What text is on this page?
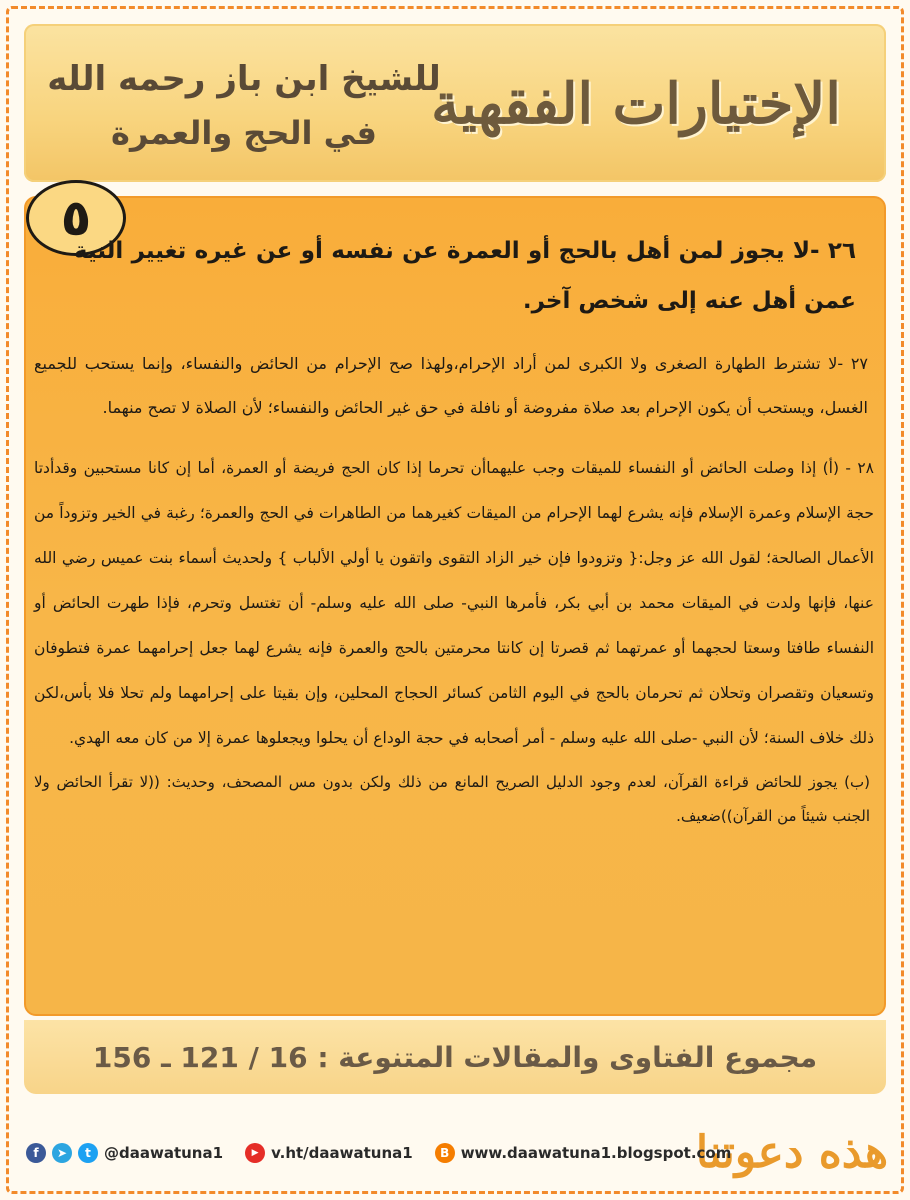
للشيخ ابن باز رحمه الله
في الحج والعمرة الإختيارات الفقهية
٥

٢٦ -لا يجوز لمن أهل بالحج أو العمرة عن نفسه أو عن غيره تغيير النية عمن أهل عنه إلى شخص آخر.

٢٧ -لا تشترط الطهارة الصغرى ولا الكبرى لمن أراد الإحرام،ولهذا صح الإحرام من الحائض والنفساء، وإنما يستحب للجميع الغسل، ويستحب أن يكون الإحرام بعد صلاة مفروضة أو نافلة في حق غير الحائض والنفساء؛ لأن الصلاة لا تصح منهما.

٢٨ - (أ) إذا وصلت الحائض أو النفساء للميقات وجب عليهماأن تحرما إذا كان الحج فريضة أو العمرة، أما إن كانا مستحبين وقدأدتا حجة الإسلام وعمرة الإسلام فإنه يشرع لهما الإحرام من الميقات كغيرهما من الطاهرات في الحج والعمرة؛ رغبة في الخير وتزوداً من الأعمال الصالحة؛ لقول الله عز وجل:{ وتزودوا فإن خير الزاد التقوى واتقون يا أولي الألباب } ولحديث أسماء بنت عميس رضي الله عنها، فإنها ولدت في الميقات محمد بن أبي بكر، فأمرها النبي- صلى الله عليه وسلم- أن تغتسل وتحرم، فإذا طهرت الحائض أو النفساء طافتا وسعتا لحجهما أو عمرتهما ثم قصرتا إن كانتا محرمتين بالحج والعمرة فإنه يشرع لهما جعل إحرامهما عمرة فتطوفان وتسعيان وتقصران وتحلان ثم تحرمان بالحج في اليوم الثامن كسائر الحجاج المحلين، وإن بقيتا على إحرامهما ولم تحلا فلا بأس،لكن ذلك خلاف السنة؛ لأن النبي -صلى الله عليه وسلم - أمر أصحابه في حجة الوداع أن يحلوا ويجعلوها عمرة إلا من كان معه الهدي.

(ب) يجوز للحائض قراءة القرآن، لعدم وجود الدليل الصريح المانع من ذلك ولكن بدون مس المصحف، وحديث: ((لا تقرأ الحائض ولا الجنب شيئاً من القرآن))ضعيف.

مجموع الفتاوى والمقالات المتنوعة : 16 / 121 ـ 156
هذه دعوتنا
f	➤	t @daawatuna1	▶ v.ht/daawatuna1	B www.daawatuna1.blogspot.com
